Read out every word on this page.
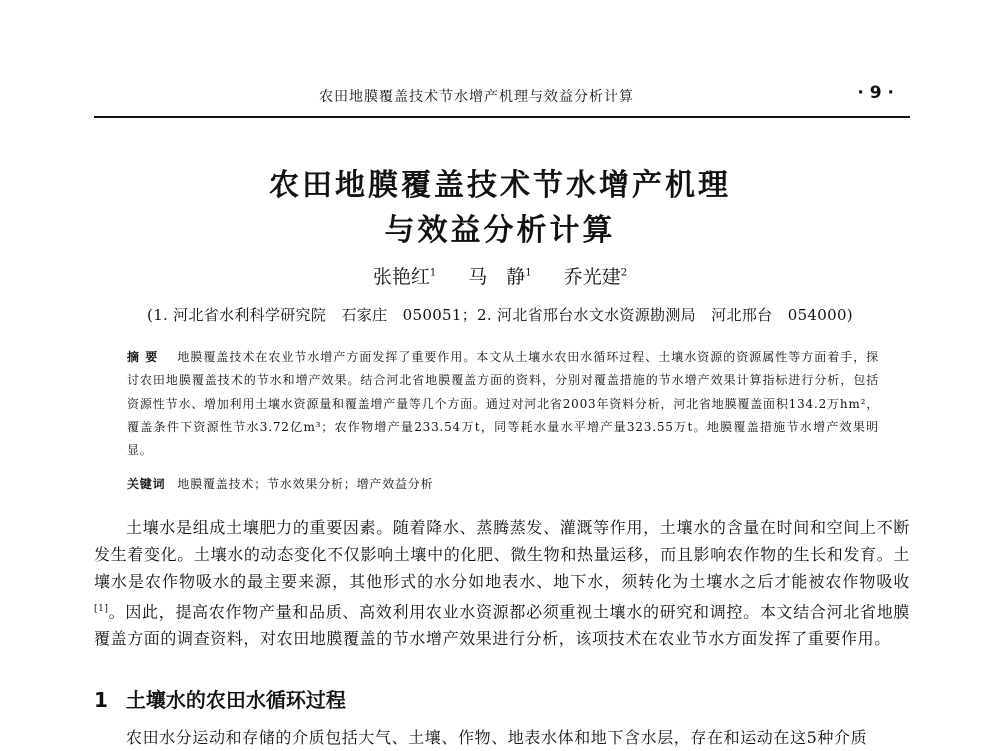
农田地膜覆盖技术节水增产机理与效益分析计算	· 9 ·
农田地膜覆盖技术节水增产机理
与效益分析计算
张艳红$^1$ 马　静$^1$ 乔光建$^2$
(1. 河北省水利科学研究院　石家庄　050051；2. 河北省邢台水文水资源勘测局　河北邢台　054000)
摘要 地膜覆盖技术在农业节水增产方面发挥了重要作用。本文从土壤水农田水循环过程、土壤水资源的资源属性等方面着手，探讨农田地膜覆盖技术的节水和增产效果。结合河北省地膜覆盖方面的资料，分别对覆盖措施的节水增产效果计算指标进行分析，包括资源性节水、增加利用土壤水资源量和覆盖增产量等几个方面。通过对河北省2003年资料分析，河北省地膜覆盖面积134.2万hm²，覆盖条件下资源性节水3.72亿m³；农作物增产量233.54万t，同等耗水量水平增产量323.55万t。地膜覆盖措施节水增产效果明显。
关键词 地膜覆盖技术；节水效果分析；增产效益分析

土壤水是组成土壤肥力的重要因素。随着降水、蒸腾蒸发、灌溉等作用，土壤水的含量在时间和空间上不断发生着变化。土壤水的动态变化不仅影响土壤中的化肥、微生物和热量运移，而且影响农作物的生长和发育。土壤水是农作物吸水的最主要来源，其他形式的水分如地表水、地下水，须转化为土壤水之后才能被农作物吸收[1]。因此，提高农作物产量和品质、高效利用农业水资源都必须重视土壤水的研究和调控。本文结合河北省地膜覆盖方面的调查资料，对农田地膜覆盖的节水增产效果进行分析，该项技术在农业节水方面发挥了重要作用。

1 土壤水的农田水循环过程
农田水分运动和存储的介质包括大气、土壤、作物、地表水体和地下含水层，存在和运动在这5种介质
